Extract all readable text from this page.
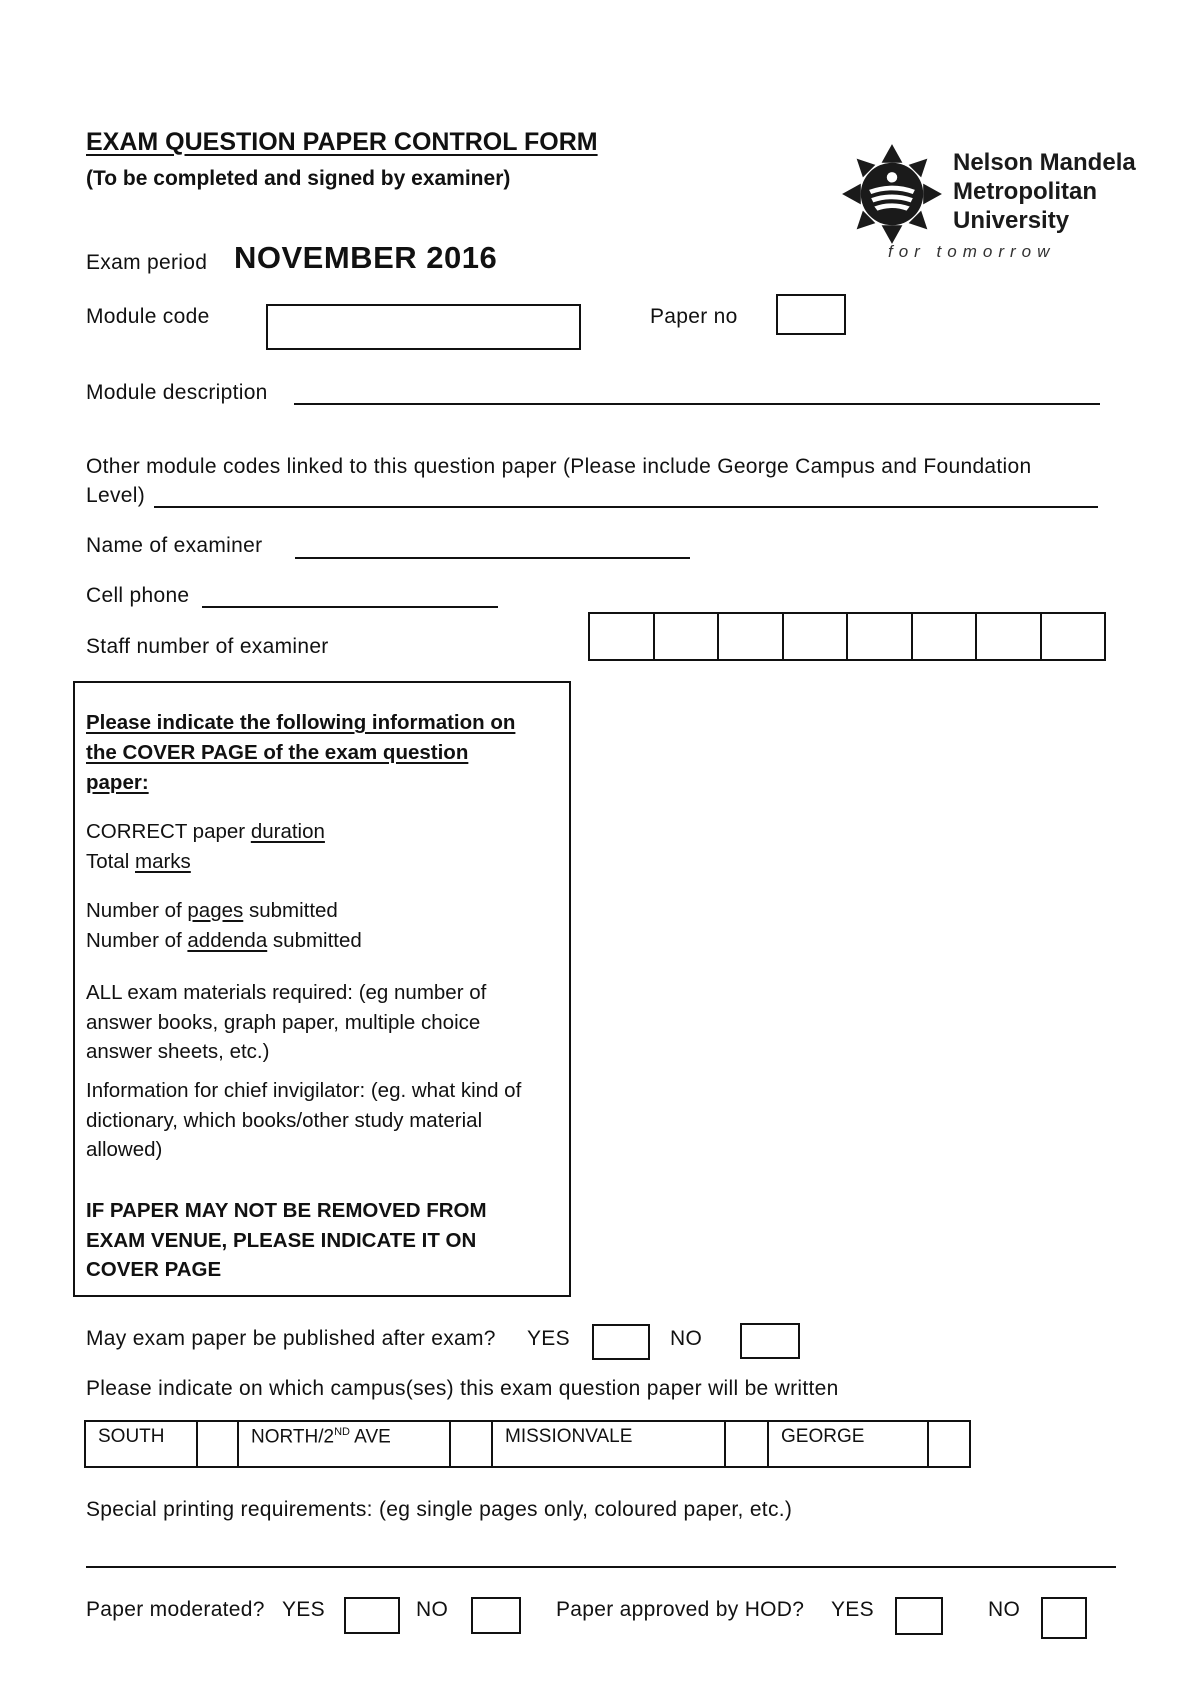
EXAM QUESTION PAPER CONTROL FORM
(To be completed and signed by examiner)
Nelson Mandela
Metropolitan
University
for tomorrow
Exam period NOVEMBER 2016
Module code	Paper no
Module description
Other module codes linked to this question paper (Please include George Campus and Foundation
Level)
Name of examiner
Cell phone
Staff number of examiner
Please indicate the following information on
the COVER PAGE of the exam question
paper:
CORRECT paper duration
Total marks
Number of pages submitted
Number of addenda submitted
ALL exam materials required: (eg number of answer books, graph paper, multiple choice answer sheets, etc.)
Information for chief invigilator: (eg. what kind of dictionary, which books/other study material allowed)
IF PAPER MAY NOT BE REMOVED FROM EXAM VENUE, PLEASE INDICATE IT ON COVER PAGE
May exam paper be published after exam? YES	NO
Please indicate on which campus(ses) this exam question paper will be written
SOUTH	NORTH/2ND AVE	MISSIONVALE	GEORGE
Special printing requirements: (eg single pages only, coloured paper, etc.)
Paper moderated? YES	NO	Paper approved by HOD? YES	NO
